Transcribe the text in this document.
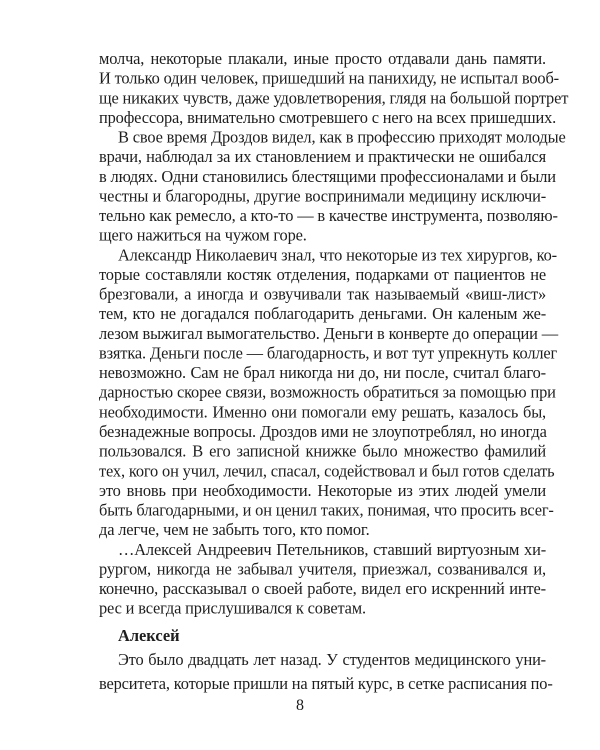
молча, некоторые плакали, иные просто отдавали дань памяти.
И только один человек, пришедший на панихиду, не испытал вооб-
ще никаких чувств, даже удовлетворения, глядя на большой портрет
профессора, внимательно смотревшего с него на всех пришедших.
В свое время Дроздов видел, как в профессию приходят молодые
врачи, наблюдал за их становлением и практически не ошибался
в людях. Одни становились блестящими профессионалами и были
честны и благородны, другие воспринимали медицину исключи-
тельно как ремесло, а кто-то — в качестве инструмента, позволяю-
щего нажиться на чужом горе.
Александр Николаевич знал, что некоторые из тех хирургов, ко-
торые составляли костяк отделения, подарками от пациентов не
брезговали, а иногда и озвучивали так называемый «виш-лист»
тем, кто не догадался поблагодарить деньгами. Он каленым же-
лезом выжигал вымогательство. Деньги в конверте до операции —
взятка. Деньги после — благодарность, и вот тут упрекнуть коллег
невозможно. Сам не брал никогда ни до, ни после, считал благо-
дарностью скорее связи, возможность обратиться за помощью при
необходимости. Именно они помогали ему решать, казалось бы,
безнадежные вопросы. Дроздов ими не злоупотреблял, но иногда
пользовался. В его записной книжке было множество фамилий
тех, кого он учил, лечил, спасал, содействовал и был готов сделать
это вновь при необходимости. Некоторые из этих людей умели
быть благодарными, и он ценил таких, понимая, что просить всег-
да легче, чем не забыть того, кто помог.
…Алексей Андреевич Петельников, ставший виртуозным хи-
рургом, никогда не забывал учителя, приезжал, созванивался и,
конечно, рассказывал о своей работе, видел его искренний инте-
рес и всегда прислушивался к советам.
Алексей
Это было двадцать лет назад. У студентов медицинского уни-
верситета, которые пришли на пятый курс, в сетке расписания по-
8
